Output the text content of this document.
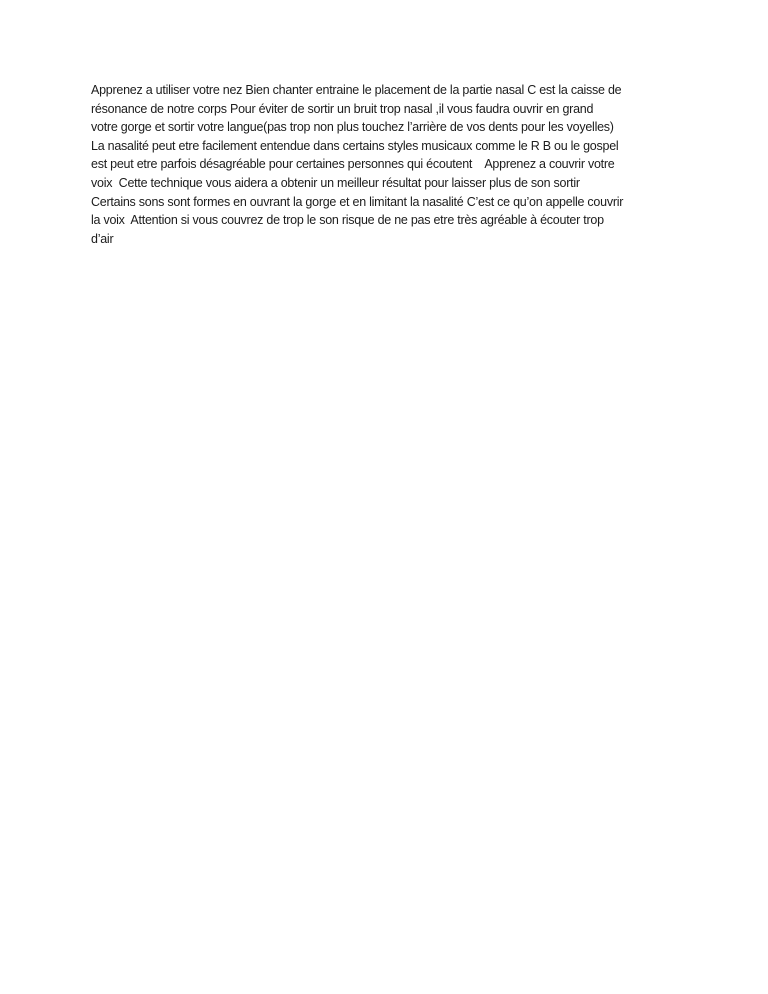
Apprenez a utiliser votre nez Bien chanter entraine le placement de la partie nasal C est la caisse de
résonance de notre corps Pour éviter de sortir un bruit trop nasal ,il vous faudra ouvrir en grand
votre gorge et sortir votre langue(pas trop non plus touchez l’arrière de vos dents pour les voyelles)
La nasalité peut etre facilement entendue dans certains styles musicaux comme le R B ou le gospel
est peut etre parfois désagréable pour certaines personnes qui écoutent    Apprenez a couvrir votre
voix  Cette technique vous aidera a obtenir un meilleur résultat pour laisser plus de son sortir
Certains sons sont formes en ouvrant la gorge et en limitant la nasalité C’est ce qu’on appelle couvrir
la voix  Attention si vous couvrez de trop le son risque de ne pas etre très agréable à écouter trop
d’air
